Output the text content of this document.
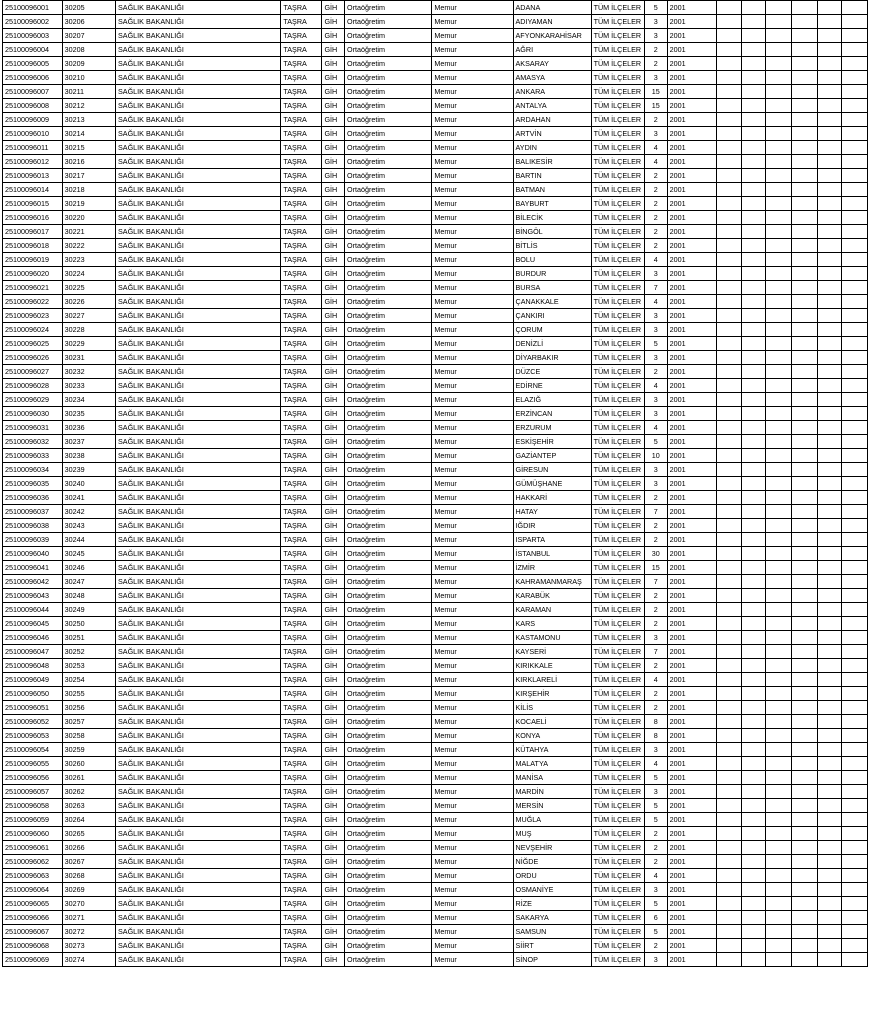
25100096001	30205	SAĞLIK BAKANLIĞI	TAŞRA	GİH	Ortaöğretim	Memur	ADANA	TÜM İLÇELER	5	2001						
25100096002	30206	SAĞLIK BAKANLIĞI	TAŞRA	GİH	Ortaöğretim	Memur	ADIYAMAN	TÜM İLÇELER	3	2001						
25100096003	30207	SAĞLIK BAKANLIĞI	TAŞRA	GİH	Ortaöğretim	Memur	AFYONKARAHİSAR	TÜM İLÇELER	3	2001						
25100096004	30208	SAĞLIK BAKANLIĞI	TAŞRA	GİH	Ortaöğretim	Memur	AĞRI	TÜM İLÇELER	2	2001						
25100096005	30209	SAĞLIK BAKANLIĞI	TAŞRA	GİH	Ortaöğretim	Memur	AKSARAY	TÜM İLÇELER	2	2001						
25100096006	30210	SAĞLIK BAKANLIĞI	TAŞRA	GİH	Ortaöğretim	Memur	AMASYA	TÜM İLÇELER	3	2001						
25100096007	30211	SAĞLIK BAKANLIĞI	TAŞRA	GİH	Ortaöğretim	Memur	ANKARA	TÜM İLÇELER	15	2001						
25100096008	30212	SAĞLIK BAKANLIĞI	TAŞRA	GİH	Ortaöğretim	Memur	ANTALYA	TÜM İLÇELER	15	2001						
25100096009	30213	SAĞLIK BAKANLIĞI	TAŞRA	GİH	Ortaöğretim	Memur	ARDAHAN	TÜM İLÇELER	2	2001						
25100096010	30214	SAĞLIK BAKANLIĞI	TAŞRA	GİH	Ortaöğretim	Memur	ARTVİN	TÜM İLÇELER	3	2001						
25100096011	30215	SAĞLIK BAKANLIĞI	TAŞRA	GİH	Ortaöğretim	Memur	AYDIN	TÜM İLÇELER	4	2001						
25100096012	30216	SAĞLIK BAKANLIĞI	TAŞRA	GİH	Ortaöğretim	Memur	BALIKESİR	TÜM İLÇELER	4	2001						
25100096013	30217	SAĞLIK BAKANLIĞI	TAŞRA	GİH	Ortaöğretim	Memur	BARTIN	TÜM İLÇELER	2	2001						
25100096014	30218	SAĞLIK BAKANLIĞI	TAŞRA	GİH	Ortaöğretim	Memur	BATMAN	TÜM İLÇELER	2	2001						
25100096015	30219	SAĞLIK BAKANLIĞI	TAŞRA	GİH	Ortaöğretim	Memur	BAYBURT	TÜM İLÇELER	2	2001						
25100096016	30220	SAĞLIK BAKANLIĞI	TAŞRA	GİH	Ortaöğretim	Memur	BİLECİK	TÜM İLÇELER	2	2001						
25100096017	30221	SAĞLIK BAKANLIĞI	TAŞRA	GİH	Ortaöğretim	Memur	BİNGÖL	TÜM İLÇELER	2	2001						
25100096018	30222	SAĞLIK BAKANLIĞI	TAŞRA	GİH	Ortaöğretim	Memur	BİTLİS	TÜM İLÇELER	2	2001						
25100096019	30223	SAĞLIK BAKANLIĞI	TAŞRA	GİH	Ortaöğretim	Memur	BOLU	TÜM İLÇELER	4	2001						
25100096020	30224	SAĞLIK BAKANLIĞI	TAŞRA	GİH	Ortaöğretim	Memur	BURDUR	TÜM İLÇELER	3	2001						
25100096021	30225	SAĞLIK BAKANLIĞI	TAŞRA	GİH	Ortaöğretim	Memur	BURSA	TÜM İLÇELER	7	2001						
25100096022	30226	SAĞLIK BAKANLIĞI	TAŞRA	GİH	Ortaöğretim	Memur	ÇANAKKALE	TÜM İLÇELER	4	2001						
25100096023	30227	SAĞLIK BAKANLIĞI	TAŞRA	GİH	Ortaöğretim	Memur	ÇANKIRI	TÜM İLÇELER	3	2001						
25100096024	30228	SAĞLIK BAKANLIĞI	TAŞRA	GİH	Ortaöğretim	Memur	ÇORUM	TÜM İLÇELER	3	2001						
25100096025	30229	SAĞLIK BAKANLIĞI	TAŞRA	GİH	Ortaöğretim	Memur	DENİZLİ	TÜM İLÇELER	5	2001						
25100096026	30231	SAĞLIK BAKANLIĞI	TAŞRA	GİH	Ortaöğretim	Memur	DİYARBAKIR	TÜM İLÇELER	3	2001						
25100096027	30232	SAĞLIK BAKANLIĞI	TAŞRA	GİH	Ortaöğretim	Memur	DÜZCE	TÜM İLÇELER	2	2001						
25100096028	30233	SAĞLIK BAKANLIĞI	TAŞRA	GİH	Ortaöğretim	Memur	EDİRNE	TÜM İLÇELER	4	2001						
25100096029	30234	SAĞLIK BAKANLIĞI	TAŞRA	GİH	Ortaöğretim	Memur	ELAZIĞ	TÜM İLÇELER	3	2001						
25100096030	30235	SAĞLIK BAKANLIĞI	TAŞRA	GİH	Ortaöğretim	Memur	ERZİNCAN	TÜM İLÇELER	3	2001						
25100096031	30236	SAĞLIK BAKANLIĞI	TAŞRA	GİH	Ortaöğretim	Memur	ERZURUM	TÜM İLÇELER	4	2001						
25100096032	30237	SAĞLIK BAKANLIĞI	TAŞRA	GİH	Ortaöğretim	Memur	ESKİŞEHİR	TÜM İLÇELER	5	2001						
25100096033	30238	SAĞLIK BAKANLIĞI	TAŞRA	GİH	Ortaöğretim	Memur	GAZİANTEP	TÜM İLÇELER	10	2001						
25100096034	30239	SAĞLIK BAKANLIĞI	TAŞRA	GİH	Ortaöğretim	Memur	GİRESUN	TÜM İLÇELER	3	2001						
25100096035	30240	SAĞLIK BAKANLIĞI	TAŞRA	GİH	Ortaöğretim	Memur	GÜMÜŞHANE	TÜM İLÇELER	3	2001						
25100096036	30241	SAĞLIK BAKANLIĞI	TAŞRA	GİH	Ortaöğretim	Memur	HAKKARİ	TÜM İLÇELER	2	2001						
25100096037	30242	SAĞLIK BAKANLIĞI	TAŞRA	GİH	Ortaöğretim	Memur	HATAY	TÜM İLÇELER	7	2001						
25100096038	30243	SAĞLIK BAKANLIĞI	TAŞRA	GİH	Ortaöğretim	Memur	IĞDIR	TÜM İLÇELER	2	2001						
25100096039	30244	SAĞLIK BAKANLIĞI	TAŞRA	GİH	Ortaöğretim	Memur	ISPARTA	TÜM İLÇELER	2	2001						
25100096040	30245	SAĞLIK BAKANLIĞI	TAŞRA	GİH	Ortaöğretim	Memur	İSTANBUL	TÜM İLÇELER	30	2001						
25100096041	30246	SAĞLIK BAKANLIĞI	TAŞRA	GİH	Ortaöğretim	Memur	İZMİR	TÜM İLÇELER	15	2001						
25100096042	30247	SAĞLIK BAKANLIĞI	TAŞRA	GİH	Ortaöğretim	Memur	KAHRAMANMARAŞ	TÜM İLÇELER	7	2001						
25100096043	30248	SAĞLIK BAKANLIĞI	TAŞRA	GİH	Ortaöğretim	Memur	KARABÜK	TÜM İLÇELER	2	2001						
25100096044	30249	SAĞLIK BAKANLIĞI	TAŞRA	GİH	Ortaöğretim	Memur	KARAMAN	TÜM İLÇELER	2	2001						
25100096045	30250	SAĞLIK BAKANLIĞI	TAŞRA	GİH	Ortaöğretim	Memur	KARS	TÜM İLÇELER	2	2001						
25100096046	30251	SAĞLIK BAKANLIĞI	TAŞRA	GİH	Ortaöğretim	Memur	KASTAMONU	TÜM İLÇELER	3	2001						
25100096047	30252	SAĞLIK BAKANLIĞI	TAŞRA	GİH	Ortaöğretim	Memur	KAYSERİ	TÜM İLÇELER	7	2001						
25100096048	30253	SAĞLIK BAKANLIĞI	TAŞRA	GİH	Ortaöğretim	Memur	KIRIKKALE	TÜM İLÇELER	2	2001						
25100096049	30254	SAĞLIK BAKANLIĞI	TAŞRA	GİH	Ortaöğretim	Memur	KIRKLARELİ	TÜM İLÇELER	4	2001						
25100096050	30255	SAĞLIK BAKANLIĞI	TAŞRA	GİH	Ortaöğretim	Memur	KIRŞEHİR	TÜM İLÇELER	2	2001						
25100096051	30256	SAĞLIK BAKANLIĞI	TAŞRA	GİH	Ortaöğretim	Memur	KİLİS	TÜM İLÇELER	2	2001						
25100096052	30257	SAĞLIK BAKANLIĞI	TAŞRA	GİH	Ortaöğretim	Memur	KOCAELİ	TÜM İLÇELER	8	2001						
25100096053	30258	SAĞLIK BAKANLIĞI	TAŞRA	GİH	Ortaöğretim	Memur	KONYA	TÜM İLÇELER	8	2001						
25100096054	30259	SAĞLIK BAKANLIĞI	TAŞRA	GİH	Ortaöğretim	Memur	KÜTAHYA	TÜM İLÇELER	3	2001						
25100096055	30260	SAĞLIK BAKANLIĞI	TAŞRA	GİH	Ortaöğretim	Memur	MALATYA	TÜM İLÇELER	4	2001						
25100096056	30261	SAĞLIK BAKANLIĞI	TAŞRA	GİH	Ortaöğretim	Memur	MANİSA	TÜM İLÇELER	5	2001						
25100096057	30262	SAĞLIK BAKANLIĞI	TAŞRA	GİH	Ortaöğretim	Memur	MARDİN	TÜM İLÇELER	3	2001						
25100096058	30263	SAĞLIK BAKANLIĞI	TAŞRA	GİH	Ortaöğretim	Memur	MERSİN	TÜM İLÇELER	5	2001						
25100096059	30264	SAĞLIK BAKANLIĞI	TAŞRA	GİH	Ortaöğretim	Memur	MUĞLA	TÜM İLÇELER	5	2001						
25100096060	30265	SAĞLIK BAKANLIĞI	TAŞRA	GİH	Ortaöğretim	Memur	MUŞ	TÜM İLÇELER	2	2001						
25100096061	30266	SAĞLIK BAKANLIĞI	TAŞRA	GİH	Ortaöğretim	Memur	NEVŞEHİR	TÜM İLÇELER	2	2001						
25100096062	30267	SAĞLIK BAKANLIĞI	TAŞRA	GİH	Ortaöğretim	Memur	NİĞDE	TÜM İLÇELER	2	2001						
25100096063	30268	SAĞLIK BAKANLIĞI	TAŞRA	GİH	Ortaöğretim	Memur	ORDU	TÜM İLÇELER	4	2001						
25100096064	30269	SAĞLIK BAKANLIĞI	TAŞRA	GİH	Ortaöğretim	Memur	OSMANİYE	TÜM İLÇELER	3	2001						
25100096065	30270	SAĞLIK BAKANLIĞI	TAŞRA	GİH	Ortaöğretim	Memur	RİZE	TÜM İLÇELER	5	2001						
25100096066	30271	SAĞLIK BAKANLIĞI	TAŞRA	GİH	Ortaöğretim	Memur	SAKARYA	TÜM İLÇELER	6	2001						
25100096067	30272	SAĞLIK BAKANLIĞI	TAŞRA	GİH	Ortaöğretim	Memur	SAMSUN	TÜM İLÇELER	5	2001						
25100096068	30273	SAĞLIK BAKANLIĞI	TAŞRA	GİH	Ortaöğretim	Memur	SİİRT	TÜM İLÇELER	2	2001						
25100096069	30274	SAĞLIK BAKANLIĞI	TAŞRA	GİH	Ortaöğretim	Memur	SİNOP	TÜM İLÇELER	3	2001						
